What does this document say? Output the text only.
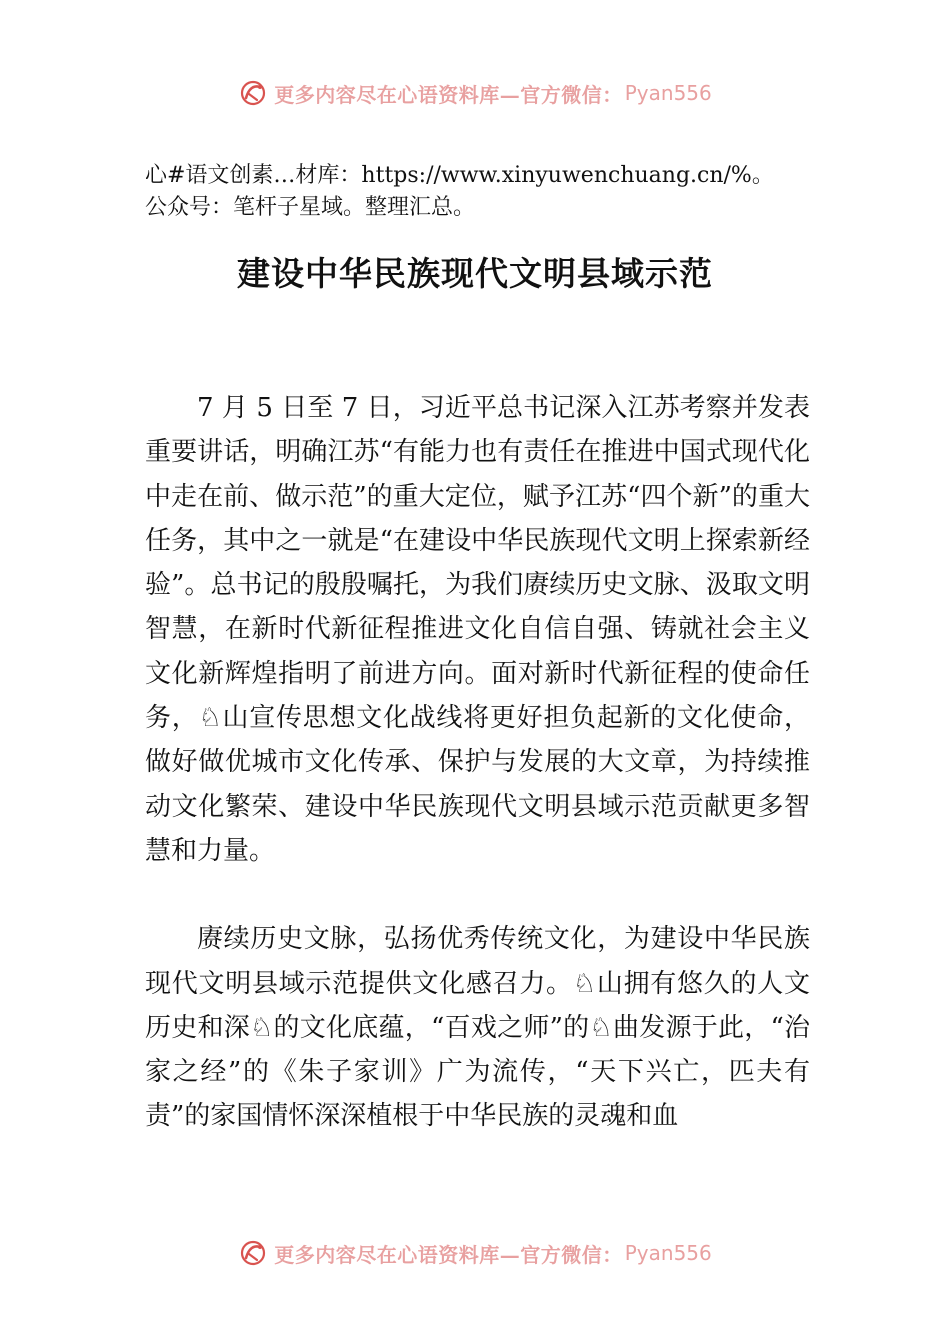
更多内容尽在心语资料库—官方微信： Pyan556
心#语文创素…材库：https://www.xinyuwenchuang.cn/%。
公众号：笔杆子星域。整理汇总。
建设中华民族现代文明县域示范

7 月 5 日至 7 日，习近平总书记深入江苏考察并发表重要讲话，明确江苏“有能力也有责任在推进中国式现代化中走在前、做示范”的重大定位，赋予江苏“四个新”的重大任务，其中之一就是“在建设中华民族现代文明上探索新经验”。总书记的殷殷嘱托，为我们赓续历史文脉、汲取文明智慧，在新时代新征程推进文化自信自强、铸就社会主义文化新辉煌指明了前进方向。面对新时代新征程的使命任务，♘山宣传思想文化战线将更好担负起新的文化使命，做好做优城市文化传承、保护与发展的大文章，为持续推动文化繁荣、建设中华民族现代文明县域示范贡献更多智慧和力量。

赓续历史文脉，弘扬优秀传统文化，为建设中华民族现代文明县域示范提供文化感召力。♘山拥有悠久的人文历史和深♘的文化底蕴，“百戏之师”的♘曲发源于此，“治家之经”的《朱子家训》广为流传，“天下兴亡，匹夫有责”的家国情怀深深植根于中华民族的灵魂和血

更多内容尽在心语资料库—官方微信： Pyan556
